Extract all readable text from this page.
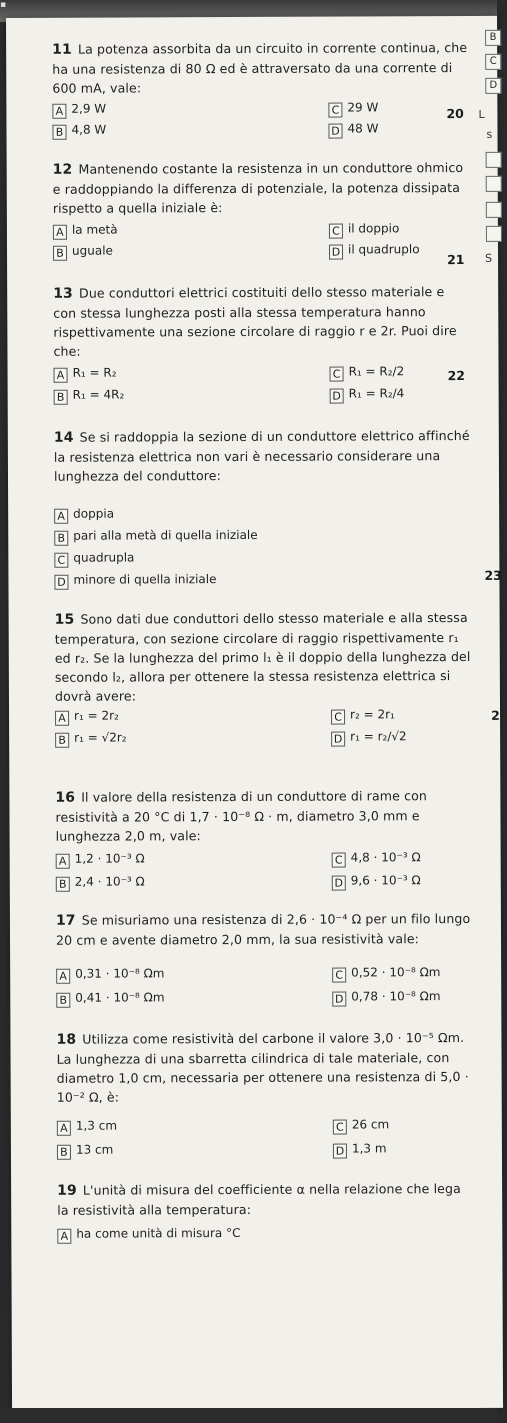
▪
11 La potenza assorbita da un circuito in corrente continua, che ha una resistenza di 80 Ω ed è attraversato da una corrente di 600 mA, vale:
A 2,9 W	C 29 W
B 4,8 W	D 48 W
12 Mantenendo costante la resistenza in un conduttore ohmico e raddoppiando la differenza di potenziale, la potenza dissipata rispetto a quella iniziale è:
A la metà	C il doppio
B uguale	D il quadruplo
13 Due conduttori elettrici costituiti dello stesso materiale e con stessa lunghezza posti alla stessa temperatura hanno rispettivamente una sezione circolare di raggio r e 2r. Puoi dire che:
A R₁ = R₂	C R₁ = R₂/2
B R₁ = 4R₂	D R₁ = R₂/4
14 Se si raddoppia la sezione di un conduttore elettrico affinché la resistenza elettrica non vari è necessario considerare una lunghezza del conduttore:
A doppia
B pari alla metà di quella iniziale
C quadrupla
D minore di quella iniziale
15 Sono dati due conduttori dello stesso materiale e alla stessa temperatura, con sezione circolare di raggio rispettivamente r₁ ed r₂. Se la lunghezza del primo l₁ è il doppio della lunghezza del secondo l₂, allora per ottenere la stessa resistenza elettrica si dovrà avere:
A r₁ = 2r₂	C r₂ = 2r₁
B r₁ = √2r₂	D r₁ = r₂/√2
16 Il valore della resistenza di un conduttore di rame con resistività a 20 °C di 1,7 · 10⁻⁸ Ω · m, diametro 3,0 mm e lunghezza 2,0 m, vale:
A 1,2 · 10⁻³ Ω	C 4,8 · 10⁻³ Ω
B 2,4 · 10⁻³ Ω	D 9,6 · 10⁻³ Ω
17 Se misuriamo una resistenza di 2,6 · 10⁻⁴ Ω per un filo lungo 20 cm e avente diametro 2,0 mm, la sua resistività vale:
A 0,31 · 10⁻⁸ Ωm	C 0,52 · 10⁻⁸ Ωm
B 0,41 · 10⁻⁸ Ωm	D 0,78 · 10⁻⁸ Ωm
18 Utilizza come resistività del carbone il valore 3,0 · 10⁻⁵ Ωm. La lunghezza di una sbarretta cilindrica di tale materiale, con diametro 1,0 cm, necessaria per ottenere una resistenza di 5,0 · 10⁻² Ω, è:
A 1,3 cm	C 26 cm
B 13 cm	D 1,3 m
19 L'unità di misura del coefficiente α nella relazione che lega la resistività alla temperatura:
A ha come unità di misura °C
B
C
D
20 L
s
21 S
22
23
2
